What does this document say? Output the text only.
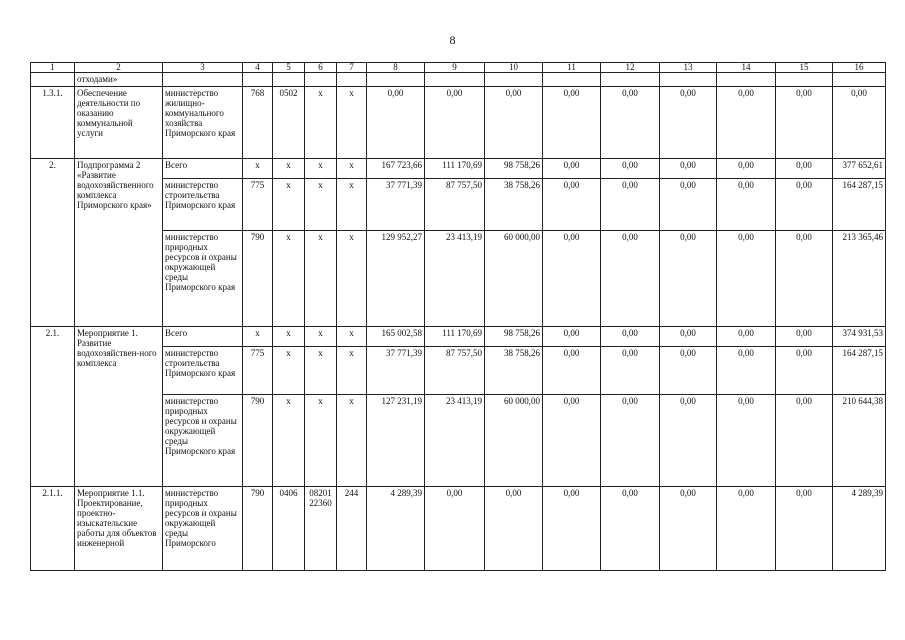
8
1	2	3	4	5	6	7	8	9	10	11	12	13	14	15	16
	отходами»														
1.3.1.	Обеспечение деятельности по оказанию коммунальной услуги	министерство жилищно-коммунального хозяйства Приморского края	768	0502	x	x	0,00	0,00	0,00	0,00	0,00	0,00	0,00	0,00	0,00
2.	Подпрограмма 2 «Развитие водохозяйственного комплекса Приморского края»	Всего	x	x	x	x	167 723,66	111 170,69	98 758,26	0,00	0,00	0,00	0,00	0,00	377 652,61
		министерство строительства Приморского края	775	x	x	x	37 771,39	87 757,50	38 758,26	0,00	0,00	0,00	0,00	0,00	164 287,15
		министерство природных ресурсов и охраны окружающей среды Приморского края	790	x	x	x	129 952,27	23 413,19	60 000,00	0,00	0,00	0,00	0,00	0,00	213 365,46
2.1.	Мероприятие 1. Развитие водохозяйствен-ного комплекса	Всего	x	x	x	x	165 002,58	111 170,69	98 758,26	0,00	0,00	0,00	0,00	0,00	374 931,53
		министерство строительства Приморского края	775	x	x	x	37 771,39	87 757,50	38 758,26	0,00	0,00	0,00	0,00	0,00	164 287,15
		министерство природных ресурсов и охраны окружающей среды Приморского края	790	x	x	x	127 231,19	23 413,19	60 000,00	0,00	0,00	0,00	0,00	0,00	210 644,38
2.1.1.	Мероприятие 1.1. Проектирование, проектно-изыскательские работы для объектов инженерной	министерство природных ресурсов и охраны окружающей среды Приморского	790	0406	08201 22360	244	4 289,39	0,00	0,00	0,00	0,00	0,00	0,00	0,00	4 289,39
